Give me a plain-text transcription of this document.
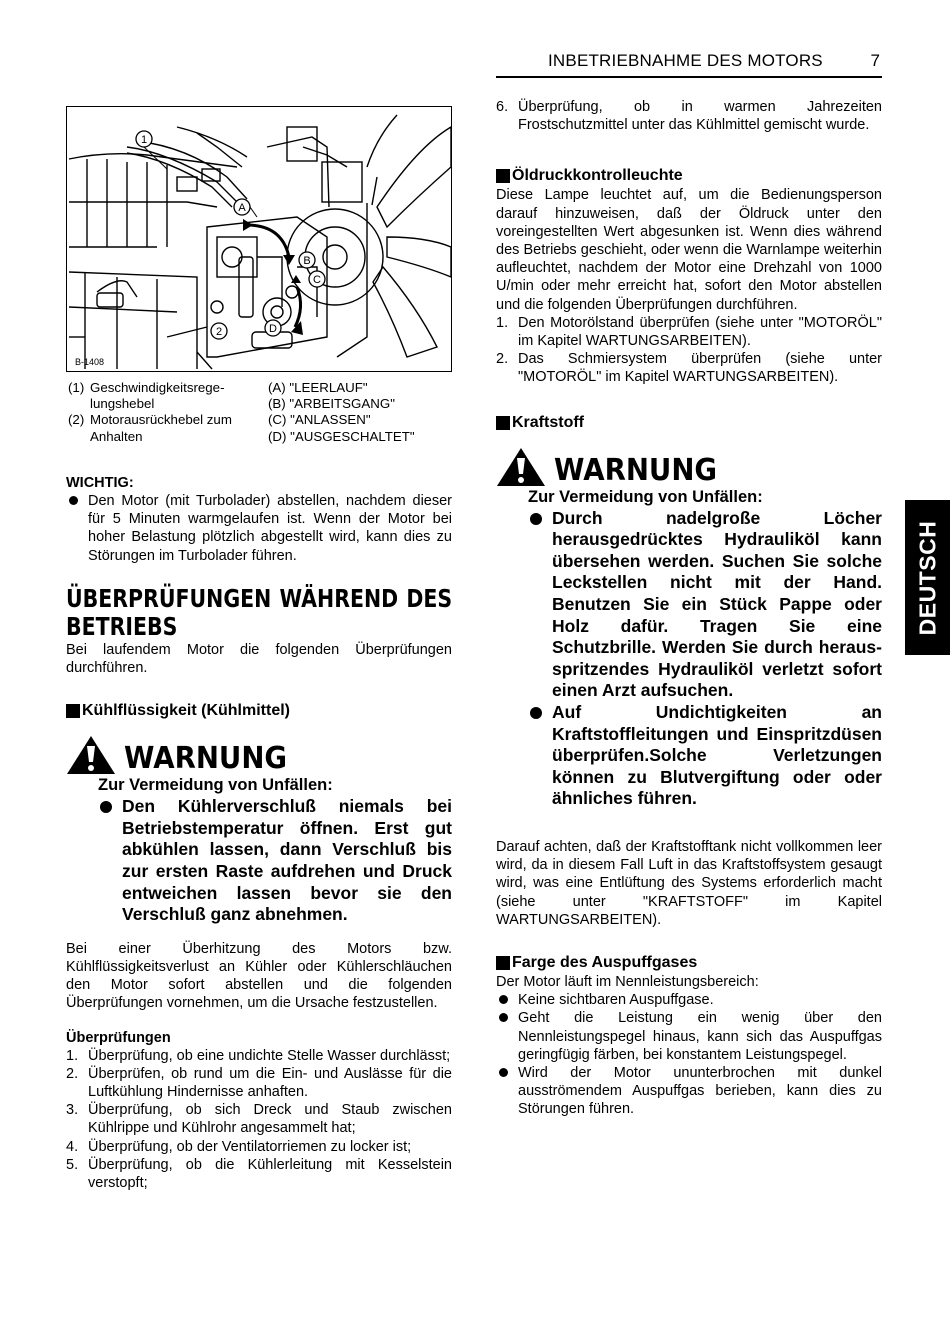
INBETRIEBNAHME DES MOTORS	7
DEUTSCH
1
2
A
B
C
D
B-1408
(1) Geschwindigkeitsrege-lungshebel
(2) Motorausrückhebel zum Anhalten
(A) "LEERLAUF"
(B) "ARBEITSGANG"
(C) "ANLASSEN"
(D) "AUSGESCHALTET"
WICHTIG:

Den Motor (mit Turbolader) abstellen, nachdem dieser für 5 Minuten warmgelaufen ist. Wenn der Motor bei hoher Belastung plötzlich abgestellt wird, kann dies zu Störungen im Turbolader führen.

ÜBERPRÜFUNGEN WÄHREND DES
BETRIEBS

Bei laufendem Motor die folgenden Überprüfungen durchführen.

Kühlflüssigkeit (Kühlmittel)
WARNUNG
Zur Vermeidung von Unfällen:
Den Kühlerverschluß niemals bei Betriebstemperatur öffnen. Erst gut abkühlen lassen, dann Verschluß bis zur ersten Raste aufdrehen und Druck entweichen lassen bevor sie den Verschluß ganz abnehmen.

Bei einer Überhitzung des Motors bzw. Kühlflüssigkeitsverlust an Kühler oder Kühlerschläuchen den Motor sofort abstellen und die folgenden Überprüfungen vornehmen, um die Ursache festzustellen.

Überprüfungen
1. Überprüfung, ob eine undichte Stelle Wasser durchlässt;
2. Überprüfen, ob rund um die Ein- und Auslässe für die Luftkühlung Hindernisse anhaften.
3. Überprüfung, ob sich Dreck und Staub zwischen Kühlrippe und Kühlrohr angesammelt hat;
4. Überprüfung, ob der Ventilatorriemen zu locker ist;
5. Überprüfung, ob die Kühlerleitung mit Kesselstein verstopft;
6. Überprüfung, ob in warmen Jahrezeiten Frostschutzmittel unter das Kühlmittel gemischt wurde.
Öldruckkontrolleuchte

Diese Lampe leuchtet auf, um die Bedienungsperson darauf hinzuweisen, daß der Öldruck unter den voreingestellten Wert abgesunken ist. Wenn dies während des Betriebs geschieht, oder wenn die Warnlampe weiterhin aufleuchtet, nachdem der Motor eine Drehzahl von 1000 U/min oder mehr erreicht hat, sofort den Motor abstellen und die folgenden Überprüfungen durchführen.

1. Den Motorölstand überprüfen (siehe unter "MOTORÖL" im Kapitel WARTUNGSARBEITEN).
2. Das Schmiersystem überprüfen (siehe unter "MOTORÖL" im Kapitel WARTUNGSARBEITEN).
Kraftstoff
WARNUNG
Zur Vermeidung von Unfällen:
Durch nadelgroße Löcher herausgedrücktes Hydrauliköl kann übersehen werden. Suchen Sie solche Leckstellen nicht mit der Hand. Benutzen Sie ein Stück Pappe oder Holz dafür. Tragen Sie eine Schutzbrille. Werden Sie durch herausspritzendes Hydrauliköl verletzt sofort einen Arzt aufsuchen.
Auf Undichtigkeiten an Kraftstoffleitungen und Einspritzdüsen überprüfen.Solche Verletzungen können zu Blutvergiftung oder oder ähnliches führen.

Darauf achten, daß der Kraftstofftank nicht vollkommen leer wird, da in diesem Fall Luft in das Kraftstoffsystem gesaugt wird, was eine Entlüftung des Systems erforderlich macht (siehe unter "KRAFTSTOFF" im Kapitel WARTUNGSARBEITEN).

Farge des Auspuffgases

Der Motor läuft im Nennleistungsbereich:

Keine sichtbaren Auspuffgase.

Geht die Leistung ein wenig über den Nennleistungspegel hinaus, kann sich das Auspuffgas geringfügig färben, bei konstantem Leistungspegel.

Wird der Motor ununterbrochen mit dunkel ausströmendem Auspuffgas berieben, kann dies zu Störungen führen.
